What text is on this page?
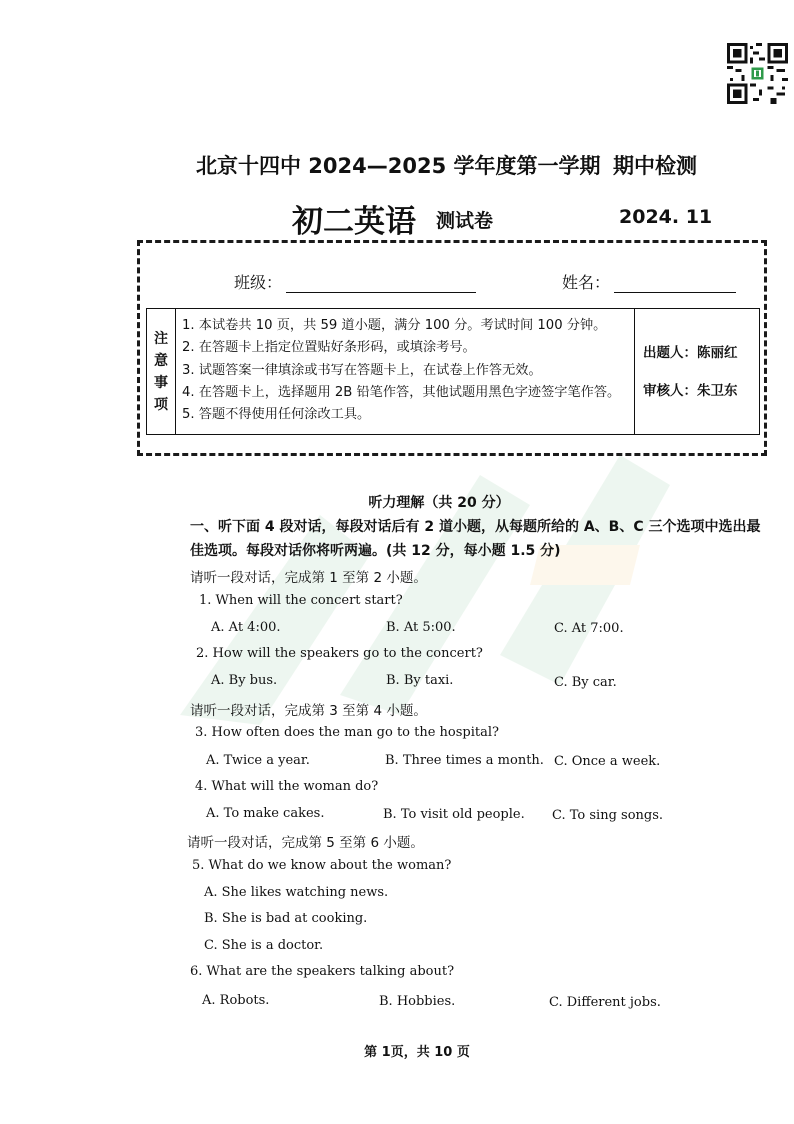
北京十四中 2024—2025 学年度第一学期 期中检测
初二英语 测试卷	2024. 11
班级：	姓名：
注
意
事
项
1. 本试卷共 10 页，共 59 道小题，满分 100 分。考试时间 100 分钟。
2. 在答题卡上指定位置贴好条形码，或填涂考号。
3. 试题答案一律填涂或书写在答题卡上，在试卷上作答无效。
4. 在答题卡上，选择题用 2B 铅笔作答，其他试题用黑色字迹签字笔作答。
5. 答题不得使用任何涂改工具。
出题人：陈丽红
审核人：朱卫东
听力理解（共 20 分）
一、听下面 4 段对话，每段对话后有 2 道小题，从每题所给的 A、B、C 三个选项中选出最佳选项。每段对话你将听两遍。(共 12 分，每小题 1.5 分)
请听一段对话，完成第 1 至第 2 小题。
1. When will the concert start?
A. At 4:00.	B. At 5:00.	C. At 7:00.
2. How will the speakers go to the concert?
A. By bus.	B. By taxi.	C. By car.
请听一段对话，完成第 3 至第 4 小题。
3. How often does the man go to the hospital?
A. Twice a year.	B. Three times a month. C. Once a week.
4. What will the woman do?
A. To make cakes.	B. To visit old people. C. To sing songs.
请听一段对话，完成第 5 至第 6 小题。
5. What do we know about the woman?
A. She likes watching news.
B. She is bad at cooking.
C. She is a doctor.
6. What are the speakers talking about?
A. Robots.	B. Hobbies.	C. Different jobs.
第 1页，共 10 页
